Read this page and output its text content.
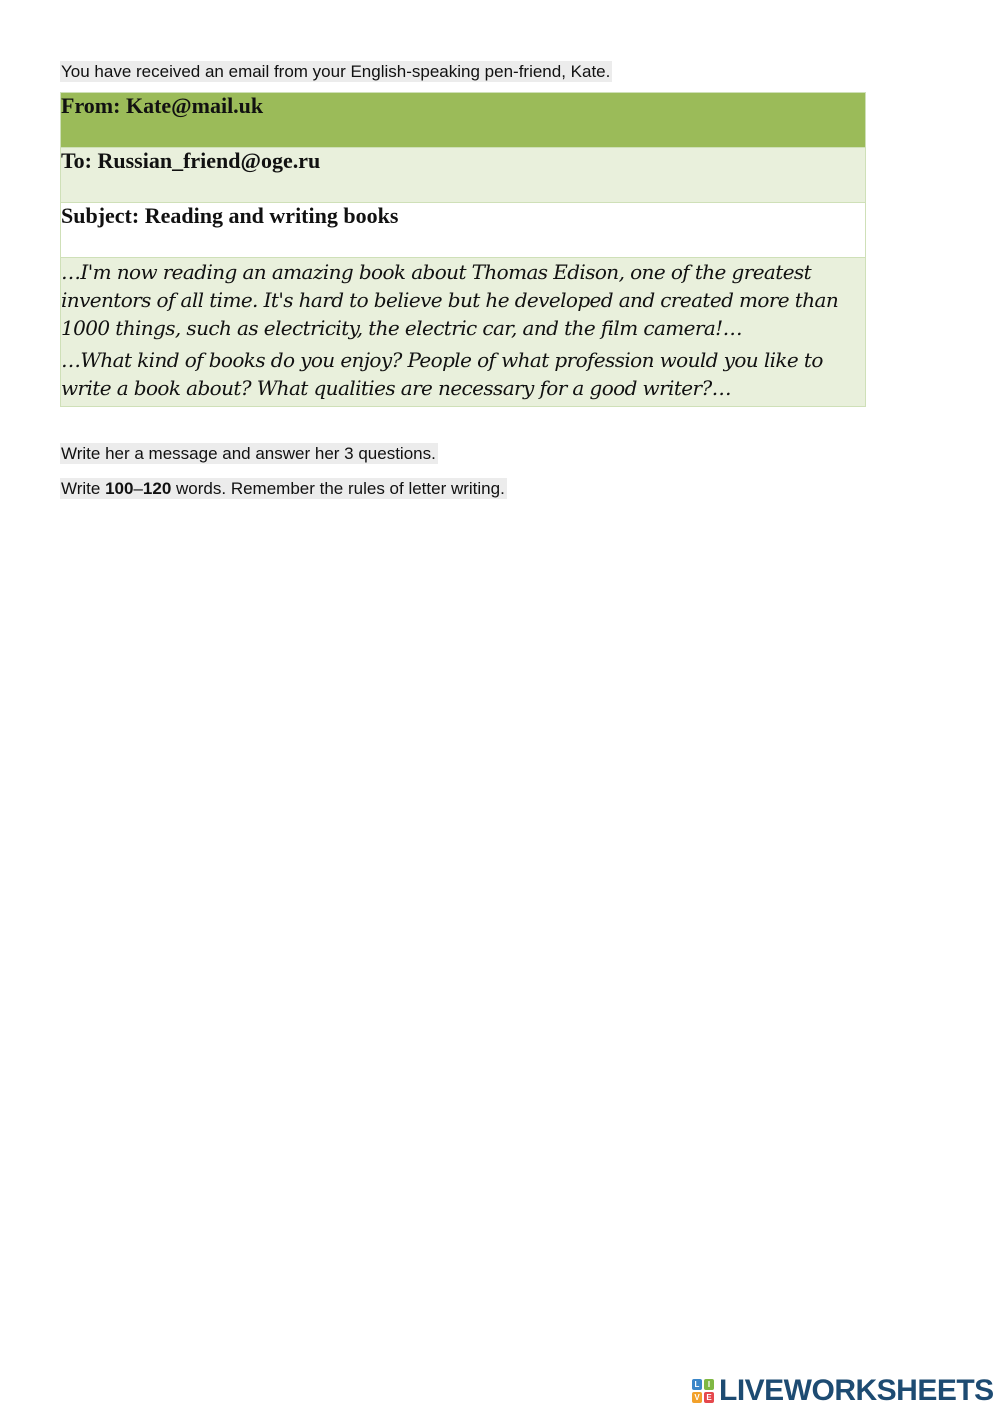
You have received an email from your English-speaking pen-friend, Kate.
From: Kate@mail.uk
To: Russian_friend@oge.ru
Subject: Reading and writing books

…I'm now reading an amazing book about Thomas Edison, one of the greatest inventors of all time. It's hard to believe but he developed and created more than 1000 things, such as electricity, the electric car, and the film camera!…

…What kind of books do you enjoy? People of what profession would you like to write a book about? What qualities are necessary for a good writer?…

Write her a message and answer her 3 questions.
Write 100–120 words. Remember the rules of letter writing.
L	I
V E LIVEWORKSHEETS
